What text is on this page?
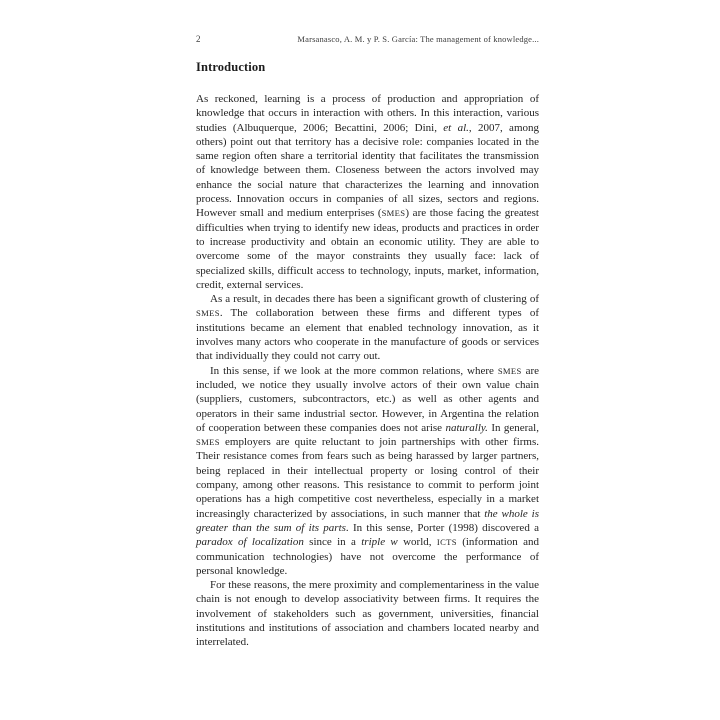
2	Marsanasco, A. M. y P. S. García: The management of knowledge...
Introduction

As reckoned, learning is a process of production and appropriation of knowledge that occurs in interaction with others. In this interaction, various studies (Albuquerque, 2006; Becattini, 2006; Dini, et al., 2007, among others) point out that territory has a decisive role: companies located in the same region often share a territorial identity that facilitates the transmission of knowledge between them. Closeness between the actors involved may enhance the social nature that characterizes the learning and innovation process. Innovation occurs in companies of all sizes, sectors and regions. However small and medium enterprises (SMES) are those facing the greatest difficulties when trying to identify new ideas, products and practices in order to increase productivity and obtain an economic utility. They are able to overcome some of the mayor constraints they usually face: lack of specialized skills, difficult access to technology, inputs, market, information, credit, external services.

As a result, in decades there has been a significant growth of clustering of SMES. The collaboration between these firms and different types of institutions became an element that enabled technology innovation, as it involves many actors who cooperate in the manufacture of goods or services that individually they could not carry out.

In this sense, if we look at the more common relations, where SMES are included, we notice they usually involve actors of their own value chain (suppliers, customers, subcontractors, etc.) as well as other agents and operators in their same industrial sector. However, in Argentina the relation of cooperation between these companies does not arise naturally. In general, SMES employers are quite reluctant to join partnerships with other firms. Their resistance comes from fears such as being harassed by larger partners, being replaced in their intellectual property or losing control of their company, among other reasons. This resistance to commit to perform joint operations has a high competitive cost nevertheless, especially in a market increasingly characterized by associations, in such manner that the whole is greater than the sum of its parts. In this sense, Porter (1998) discovered a paradox of localization since in a triple w world, ICTS (information and communication technologies) have not overcome the performance of personal knowledge.

For these reasons, the mere proximity and complementariness in the value chain is not enough to develop associativity between firms. It requires the involvement of stakeholders such as government, universities, financial institutions and institutions of association and chambers located nearby and interrelated.
